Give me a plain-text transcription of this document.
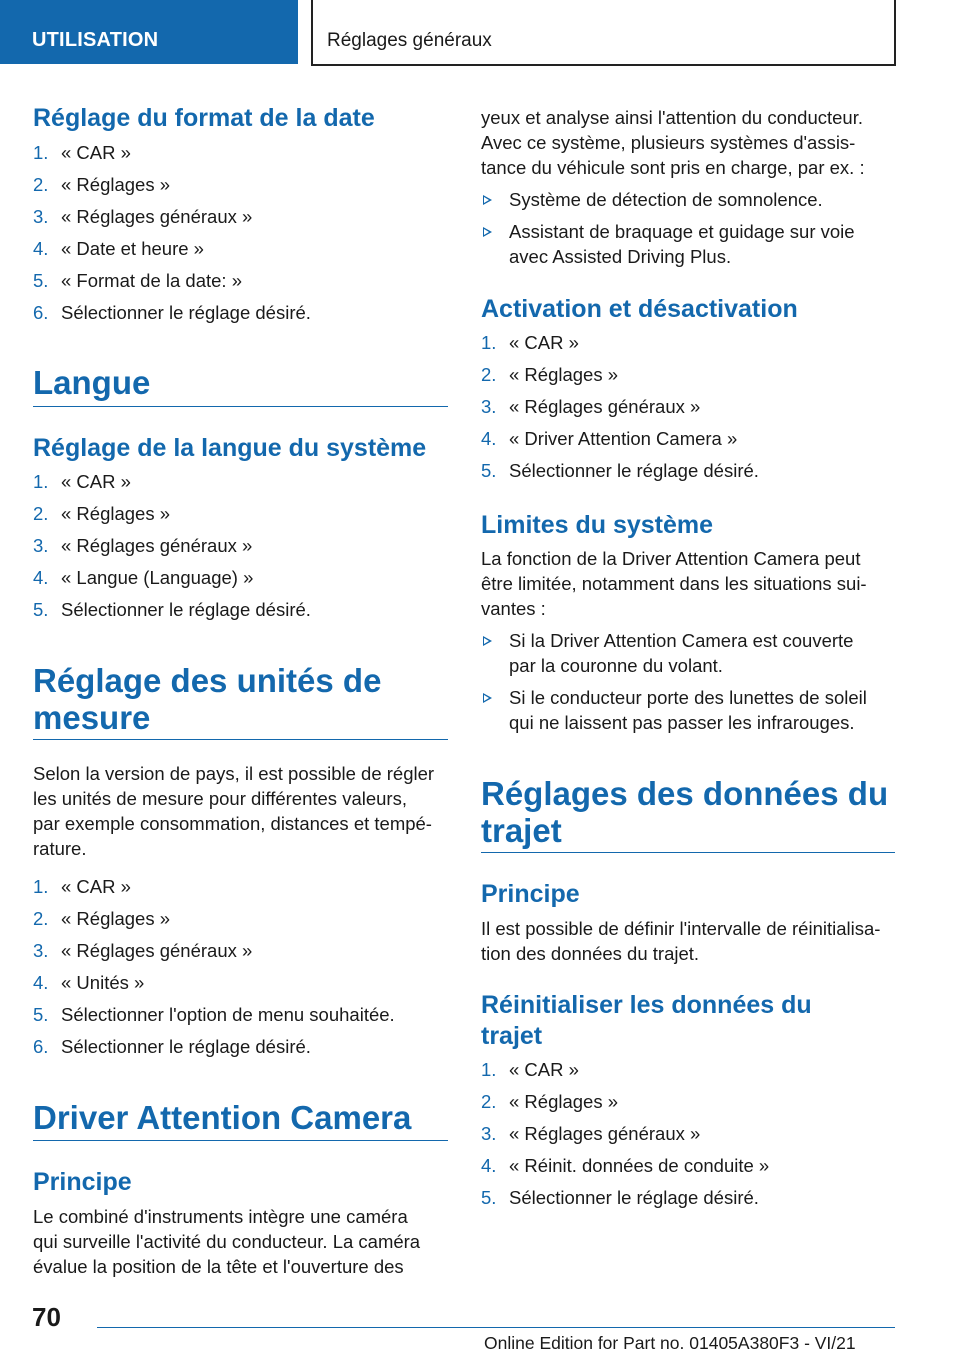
UTILISATION	Réglages généraux
Réglage du format de la date
1. « CAR »
2. « Réglages »
3. « Réglages généraux »
4. « Date et heure »
5. « Format de la date: »
6. Sélectionner le réglage désiré.
Langue
Réglage de la langue du système
1. « CAR »
2. « Réglages »
3. « Réglages généraux »
4. « Langue (Language) »
5. Sélectionner le réglage désiré.
Réglage des unités de
mesure
Selon la version de pays, il est possible de régler
les unités de mesure pour différentes valeurs,
par exemple consommation, distances et tempé-
rature.
1. « CAR »
2. « Réglages »
3. « Réglages généraux »
4. « Unités »
5. Sélectionner l'option de menu souhaitée.
6. Sélectionner le réglage désiré.
Driver Attention Camera
Principe
Le combiné d'instruments intègre une caméra
qui surveille l'activité du conducteur. La caméra
évalue la position de la tête et l'ouverture des
yeux et analyse ainsi l'attention du conducteur.
Avec ce système, plusieurs systèmes d'assis-
tance du véhicule sont pris en charge, par ex. :
Système de détection de somnolence.
Assistant de braquage et guidage sur voie
avec Assisted Driving Plus.
Activation et désactivation
1. « CAR »
2. « Réglages »
3. « Réglages généraux »
4. « Driver Attention Camera »
5. Sélectionner le réglage désiré.
Limites du système
La fonction de la Driver Attention Camera peut
être limitée, notamment dans les situations sui-
vantes :
Si la Driver Attention Camera est couverte
par la couronne du volant.
Si le conducteur porte des lunettes de soleil
qui ne laissent pas passer les infrarouges.
Réglages des données du
trajet
Principe
Il est possible de définir l'intervalle de réinitialisa-
tion des données du trajet.
Réinitialiser les données du
trajet
1. « CAR »
2. « Réglages »
3. « Réglages généraux »
4. « Réinit. données de conduite »
5. Sélectionner le réglage désiré.
70
Online Edition for Part no. 01405A380F3 - VI/21
